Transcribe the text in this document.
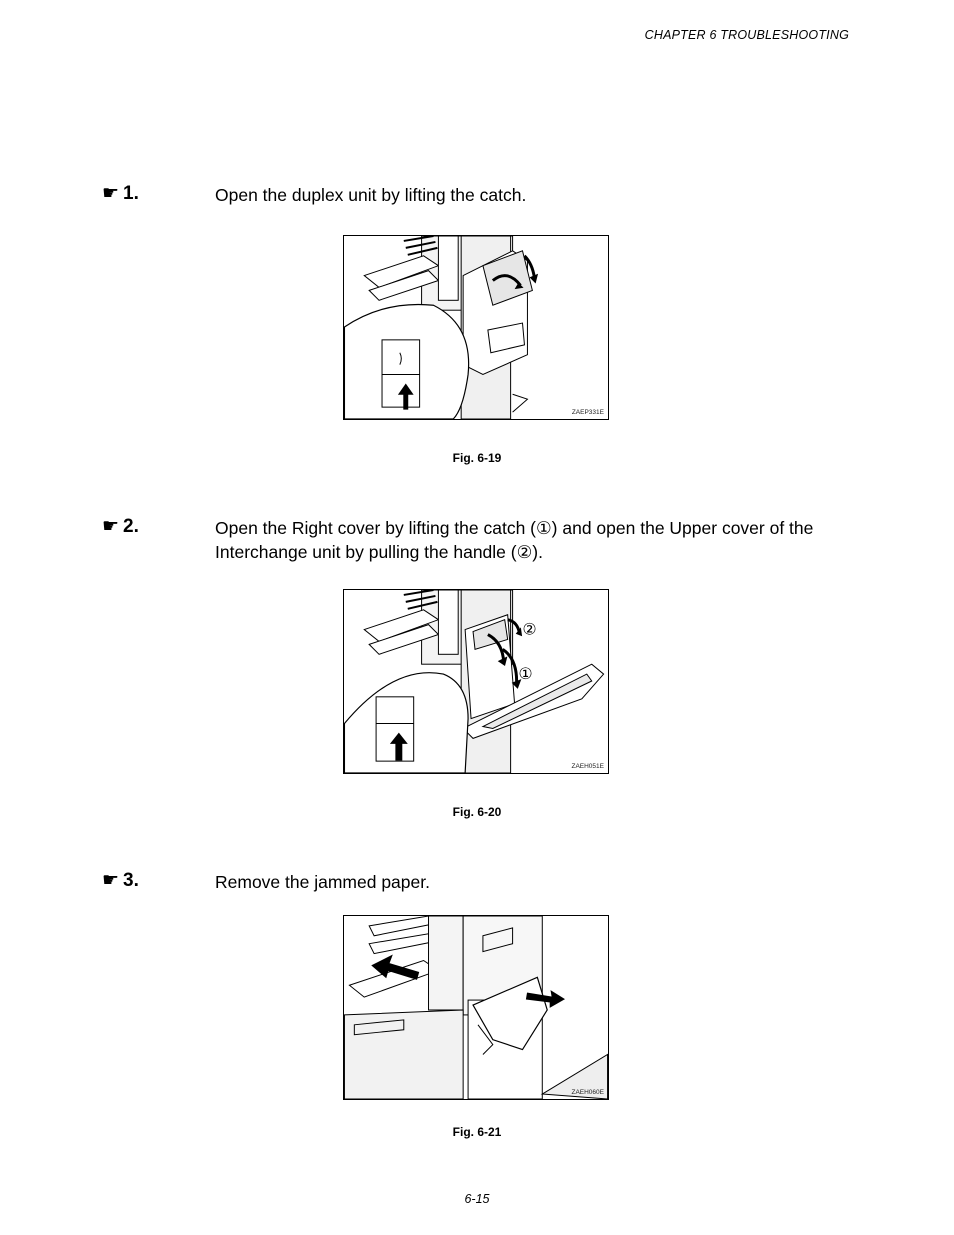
CHAPTER 6 TROUBLESHOOTING
☛ 1.	Open the duplex unit by lifting the catch.
ZAEP331E
Fig. 6-19
☛ 2.	Open the Right cover by lifting the catch (①) and open the Upper cover of the Interchange unit by pulling the handle (②).
②
①
ZAEH051E
Fig. 6-20
☛ 3.	Remove the jammed paper.
ZAEH060E
Fig. 6-21
6-15
